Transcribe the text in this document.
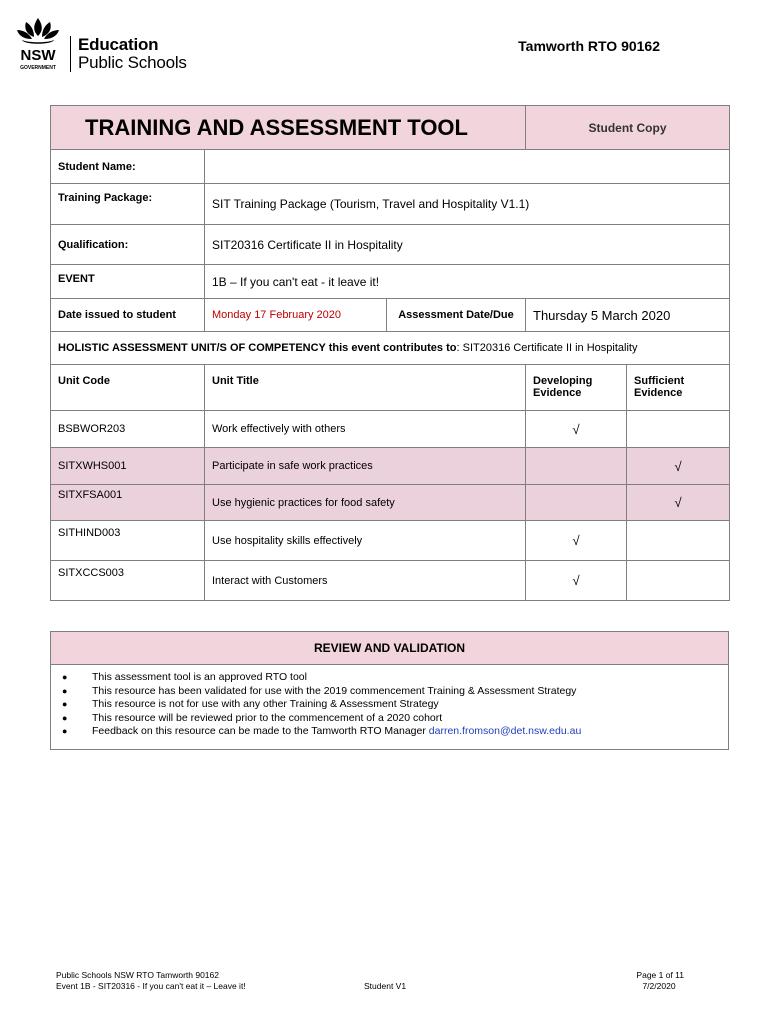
NSW
GOVERNMENT
Education
Public Schools
Tamworth RTO 90162
TRAINING AND ASSESSMENT TOOL			Student Copy	
Student Name:				
Training Package:	SIT Training Package (Tourism, Travel and Hospitality V1.1)			
Qualification:	SIT20316 Certificate II in Hospitality			
EVENT	1B – If you can't eat - it leave it!			
Date issued to student	Monday 17 February 2020	Assessment Date/Due	Thursday 5 March 2020	
HOLISTIC ASSESSMENT UNIT/S OF COMPETENCY this event contributes to: SIT20316 Certificate II in Hospitality				
Unit Code	Unit Title		Developing Evidence	Sufficient Evidence
BSBWOR203	Work effectively with others		√	
SITXWHS001	Participate in safe work practices			√
SITXFSA001	Use hygienic practices for food safety			√
SITHIND003	Use hospitality skills effectively		√	
SITXCCS003	Interact with Customers		√	
REVIEW AND VALIDATION

● This assessment tool is an approved RTO tool
● This resource has been validated for use with the 2019 commencement Training & Assessment Strategy
● This resource is not for use with any other Training & Assessment Strategy
● This resource will be reviewed prior to the commencement of a 2020 cohort
● Feedback on this resource can be made to the Tamworth RTO Manager darren.fromson@det.nsw.edu.au
Public Schools NSW RTO Tamworth 90162
Event 1B - SIT20316 - If you can't eat it – Leave it!	Student V1
Page 1 of 11
7/2/2020
